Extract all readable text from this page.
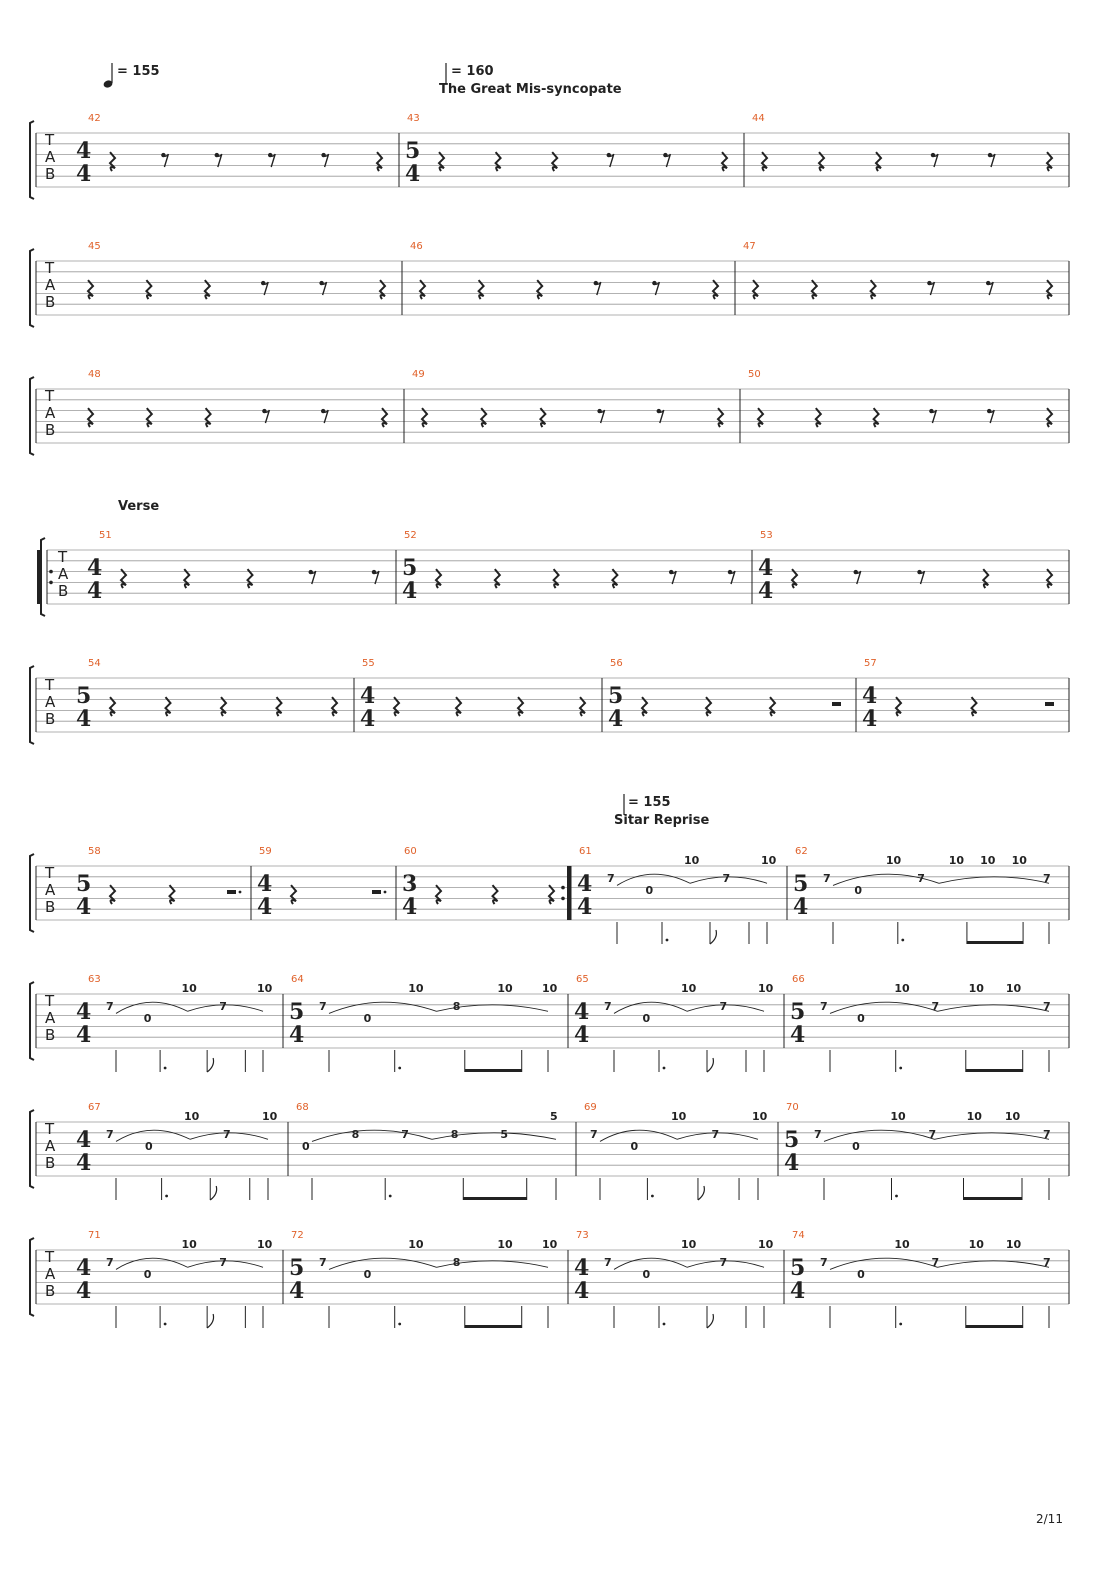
= 155	= 160
The Great Mis-syncopate
Verse
= 155
Sitar Reprise
T
A
B
42
4
4
43
5
4
44
T
A
B
45	46	47
T
A
B
48	49	50
T
A
B
51
4
4
52
5
4
53
4
4
T
A
B
54
5
4
55
4
4
56
5
4
57
4
4
T
A
B
58
5
4
59
4
4
60
3
4
61
4
4
7
0
10
7
10
62
5
4
7
0
10
7
10 10 10
7
T
A
B
63
4
4
7
0
10
7
10
64
5
4
7
0
10
8
10	10
65
4
4
7
0
10
7
10
66
5
4
7
0
10
7
10 10
7
T
A
B
67
4
4
7
0
10
7
10
68
0
8	7	8	5
5
69
7
0
10
7
10
70
5
4
7
0
10
7
10 10
7
T
A
B
71
4
4
7
0
10
7
10
72
5
4
7
0
10
8
10	10
73
4
4
7
0
10
7
10
74
5
4
7
0
10
7
10 10
7
2/11
